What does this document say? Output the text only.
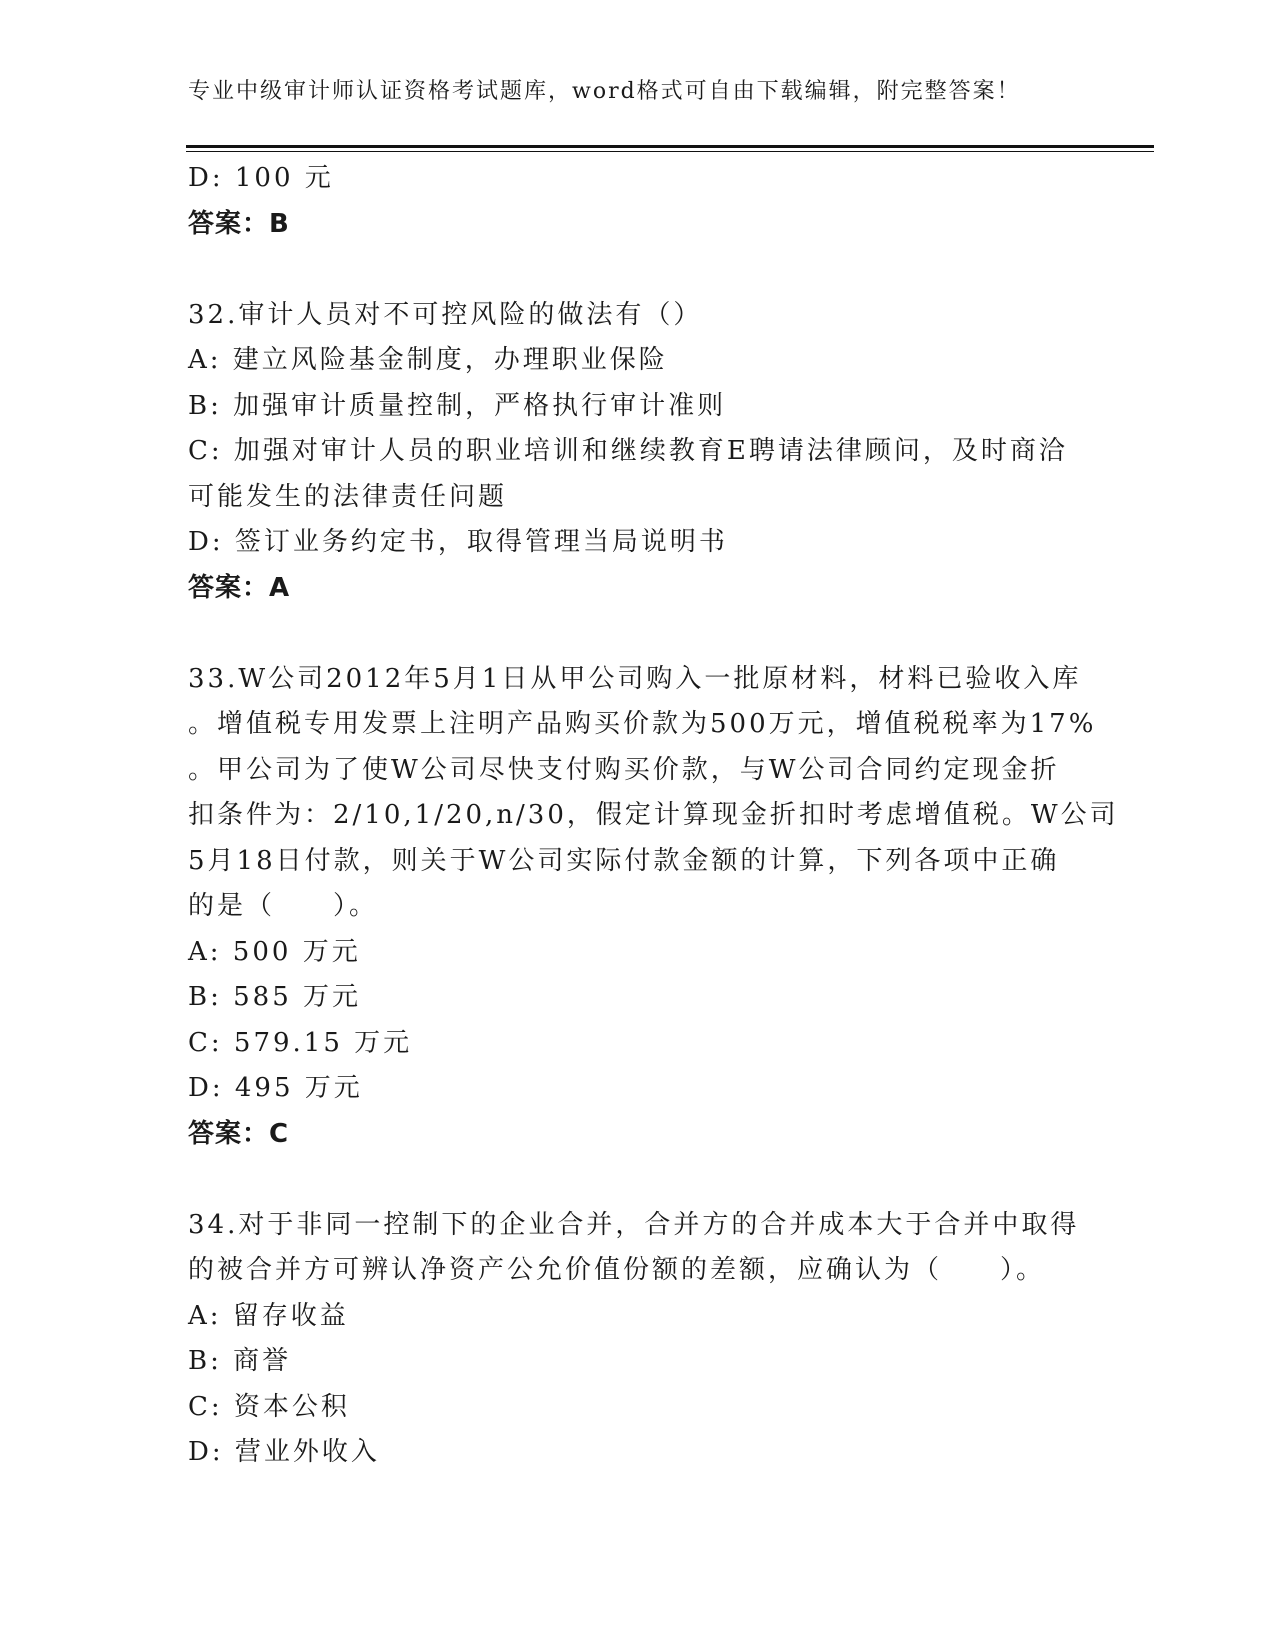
专业中级审计师认证资格考试题库，word格式可自由下载编辑，附完整答案！
D: 100 元
答案：B
32.审计人员对不可控风险的做法有（）
A: 建立风险基金制度，办理职业保险
B: 加强审计质量控制，严格执行审计准则
C: 加强对审计人员的职业培训和继续教育E聘请法律顾问，及时商洽
可能发生的法律责任问题
D: 签订业务约定书，取得管理当局说明书
答案：A
33.W公司2012年5月1日从甲公司购入一批原材料，材料已验收入库
。增值税专用发票上注明产品购买价款为500万元，增值税税率为17%
。甲公司为了使W公司尽快支付购买价款，与W公司合同约定现金折
扣条件为：2/10,1/20,n/30，假定计算现金折扣时考虑增值税。W公司
5月18日付款，则关于W公司实际付款金额的计算，下列各项中正确
的是（　　）。
A: 500 万元
B: 585 万元
C: 579.15 万元
D: 495 万元
答案：C
34.对于非同一控制下的企业合并，合并方的合并成本大于合并中取得
的被合并方可辨认净资产公允价值份额的差额，应确认为（　　）。
A: 留存收益
B: 商誉
C: 资本公积
D: 营业外收入
